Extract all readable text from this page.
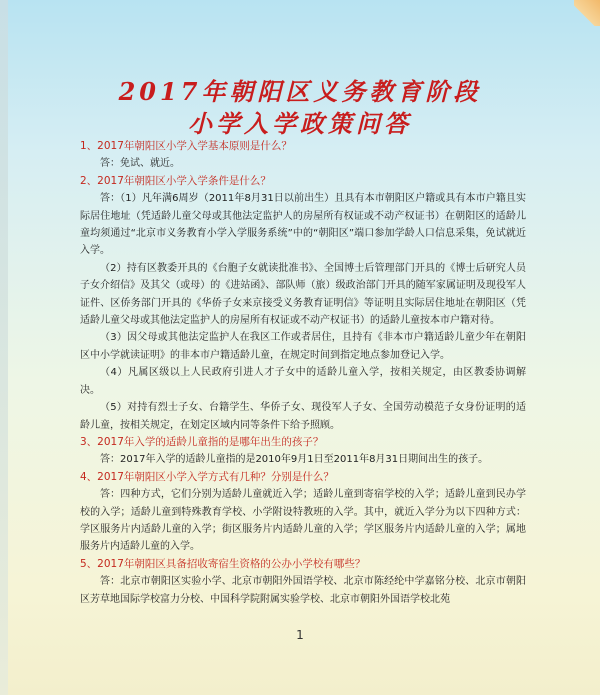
2017年朝阳区义务教育阶段
小学入学政策问答

1、2017年朝阳区小学入学基本原则是什么？

答：免试、就近。

2、2017年朝阳区小学入学条件是什么？

答：（1）凡年满6周岁（2011年8月31日以前出生）且具有本市朝阳区户籍或具有本市户籍且实际居住地址（凭适龄儿童父母或其他法定监护人的房屋所有权证或不动产权证书）在朝阳区的适龄儿童均须通过“北京市义务教育小学入学服务系统”中的“朝阳区”端口参加学龄人口信息采集，免试就近入学。

（2）持有区教委开具的《台胞子女就读批准书》、全国博士后管理部门开具的《博士后研究人员子女介绍信》及其父（或母）的《进站函》、部队师（旅）级政治部门开具的随军家属证明及现役军人证件、区侨务部门开具的《华侨子女来京接受义务教育证明信》等证明且实际居住地址在朝阳区（凭适龄儿童父母或其他法定监护人的房屋所有权证或不动产权证书）的适龄儿童按本市户籍对待。

（3）因父母或其他法定监护人在我区工作或者居住，且持有《非本市户籍适龄儿童少年在朝阳区中小学就读证明》的非本市户籍适龄儿童，在规定时间到指定地点参加登记入学。

（4）凡属区级以上人民政府引进人才子女中的适龄儿童入学，按相关规定，由区教委协调解决。

（5）对持有烈士子女、台籍学生、华侨子女、现役军人子女、全国劳动模范子女身份证明的适龄儿童，按相关规定，在划定区域内同等条件下给予照顾。

3、2017年入学的适龄儿童指的是哪年出生的孩子？

答：2017年入学的适龄儿童指的是2010年9月1日至2011年8月31日期间出生的孩子。

4、2017年朝阳区小学入学方式有几种？分别是什么？

答：四种方式，它们分别为适龄儿童就近入学；适龄儿童到寄宿学校的入学；适龄儿童到民办学校的入学；适龄儿童到特殊教育学校、小学附设特教班的入学。其中，就近入学分为以下四种方式：学区服务片内适龄儿童的入学；街区服务片内适龄儿童的入学；学区服务片内适龄儿童的入学；属地服务片内适龄儿童的入学。

5、2017年朝阳区具备招收寄宿生资格的公办小学校有哪些？

答：北京市朝阳区实验小学、北京市朝阳外国语学校、北京市陈经纶中学嘉铭分校、北京市朝阳区芳草地国际学校富力分校、中国科学院附属实验学校、北京市朝阳外国语学校北苑

1
